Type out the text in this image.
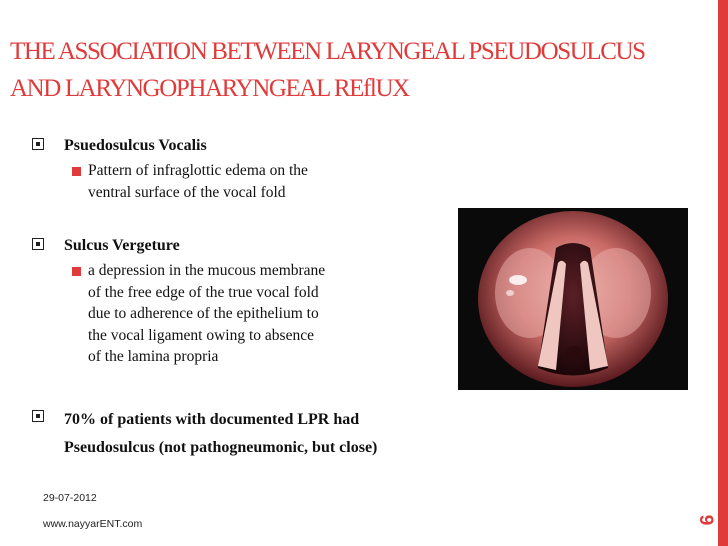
THE ASSOCIATION BETWEEN LARYNGEAL PSEUDOSULCUS
AND LARYNGOPHARYNGEAL REflUX
Psuedosulcus Vocalis
Pattern of infraglottic edema on the
ventral surface of the vocal fold
Sulcus Vergeture
a depression in the mucous membrane
of the free edge of the true vocal fold
due to adherence of the epithelium to
the vocal ligament owing to absence
of the lamina propria
70% of patients with documented LPR had
Pseudosulcus (not pathogneumonic, but close)
29-07-2012
www.nayyarENT.com	9
